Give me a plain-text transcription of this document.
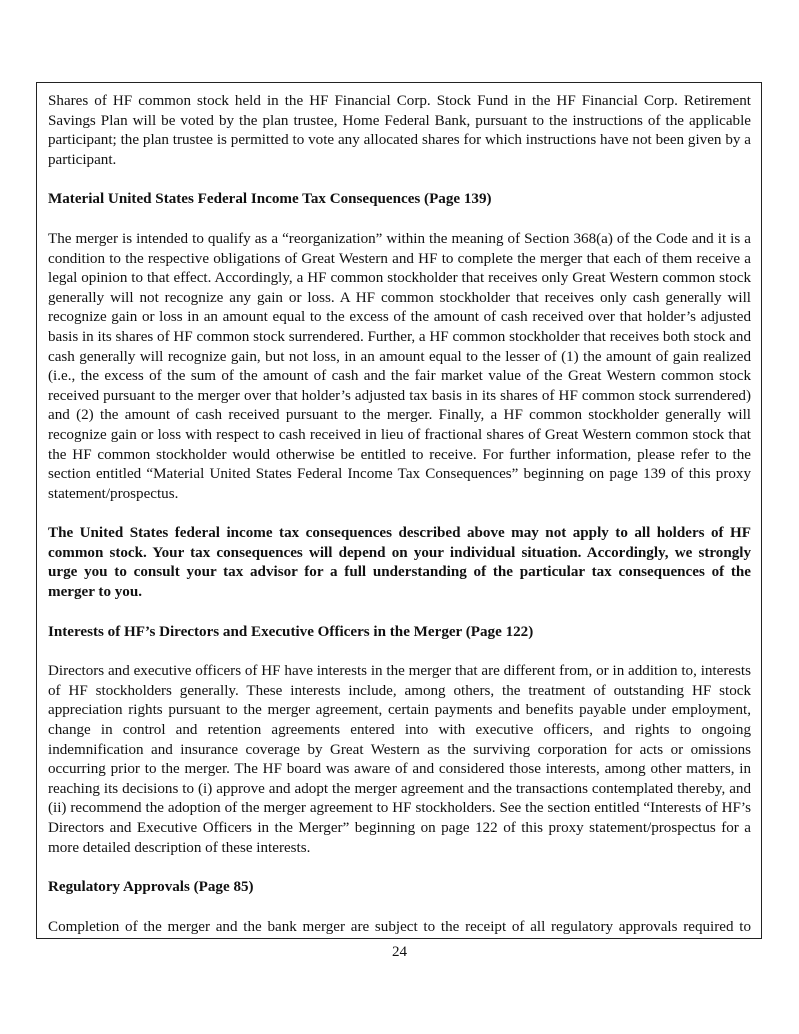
Shares of HF common stock held in the HF Financial Corp. Stock Fund in the HF Financial Corp. Retirement Savings Plan will be voted by the plan trustee, Home Federal Bank, pursuant to the instructions of the applicable participant; the plan trustee is permitted to vote any allocated shares for which instructions have not been given by a participant.

Material United States Federal Income Tax Consequences (Page 139)

The merger is intended to qualify as a “reorganization” within the meaning of Section 368(a) of the Code and it is a condition to the respective obligations of Great Western and HF to complete the merger that each of them receive a legal opinion to that effect. Accordingly, a HF common stockholder that receives only Great Western common stock generally will not recognize any gain or loss. A HF common stockholder that receives only cash generally will recognize gain or loss in an amount equal to the excess of the amount of cash received over that holder’s adjusted basis in its shares of HF common stock surrendered. Further, a HF common stockholder that receives both stock and cash generally will recognize gain, but not loss, in an amount equal to the lesser of (1) the amount of gain realized (i.e., the excess of the sum of the amount of cash and the fair market value of the Great Western common stock received pursuant to the merger over that holder’s adjusted tax basis in its shares of HF common stock surrendered) and (2) the amount of cash received pursuant to the merger. Finally, a HF common stockholder generally will recognize gain or loss with respect to cash received in lieu of fractional shares of Great Western common stock that the HF common stockholder would otherwise be entitled to receive. For further information, please refer to the section entitled “Material United States Federal Income Tax Consequences” beginning on page 139 of this proxy statement/prospectus.

The United States federal income tax consequences described above may not apply to all holders of HF common stock. Your tax consequences will depend on your individual situation. Accordingly, we strongly urge you to consult your tax advisor for a full understanding of the particular tax consequences of the merger to you.

Interests of HF’s Directors and Executive Officers in the Merger (Page 122)

Directors and executive officers of HF have interests in the merger that are different from, or in addition to, interests of HF stockholders generally. These interests include, among others, the treatment of outstanding HF stock appreciation rights pursuant to the merger agreement, certain payments and benefits payable under employment, change in control and retention agreements entered into with executive officers, and rights to ongoing indemnification and insurance coverage by Great Western as the surviving corporation for acts or omissions occurring prior to the merger. The HF board was aware of and considered those interests, among other matters, in reaching its decisions to (i) approve and adopt the merger agreement and the transactions contemplated thereby, and (ii) recommend the adoption of the merger agreement to HF stockholders. See the section entitled “Interests of HF’s Directors and Executive Officers in the Merger” beginning on page 122 of this proxy statement/prospectus for a more detailed description of these interests.

Regulatory Approvals (Page 85)

Completion of the merger and the bank merger are subject to the receipt of all regulatory approvals required to

24
